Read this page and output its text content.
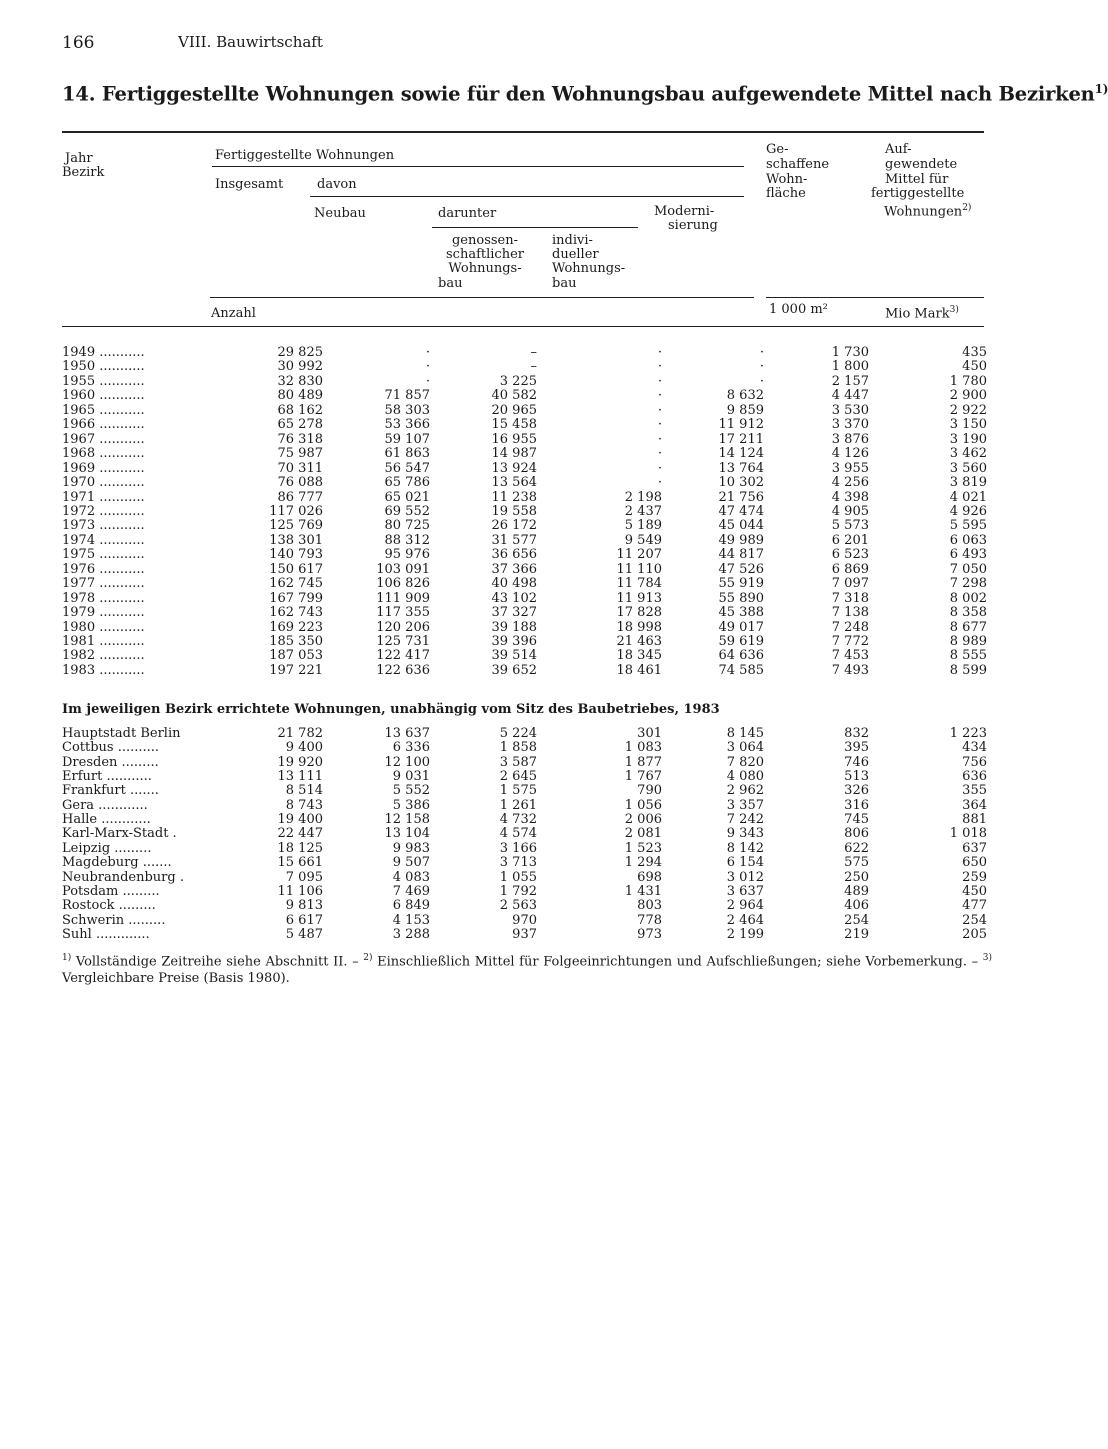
166	VIII. Bauwirtschaft
14. Fertiggestellte Wohnungen sowie für den Wohnungsbau aufgewendete Mittel nach Bezirken$^{1)}$
Jahr
Bezirk
Fertiggestellte Wohnungen
Insgesamt	davon
Neubau	darunter	Moderni-
sierung
genossen-
schaftlicher
Wohnungs-
bau
indivi-
dueller
Wohnungs-
bau
Ge-
schaffene
Wohn-
fläche
Auf-
gewendete
Mittel für
fertiggestellte
Wohnungen$^{2)}$
Anzahl	1 000 m²	Mio Mark$^{3)}$
1949 ...........	29 825	·	–	·	·	1 730	435
1950 ...........	30 992	·	–	·	·	1 800	450
1955 ...........	32 830	·	3 225	·	·	2 157	1 780
1960 ...........	80 489	71 857	40 582	·	8 632	4 447	2 900
1965 ...........	68 162	58 303	20 965	·	9 859	3 530	2 922
1966 ...........	65 278	53 366	15 458	·	11 912	3 370	3 150
1967 ...........	76 318	59 107	16 955	·	17 211	3 876	3 190
1968 ...........	75 987	61 863	14 987	·	14 124	4 126	3 462
1969 ...........	70 311	56 547	13 924	·	13 764	3 955	3 560
1970 ...........	76 088	65 786	13 564	·	10 302	4 256	3 819
1971 ...........	86 777	65 021	11 238	2 198	21 756	4 398	4 021
1972 ...........	117 026	69 552	19 558	2 437	47 474	4 905	4 926
1973 ...........	125 769	80 725	26 172	5 189	45 044	5 573	5 595
1974 ...........	138 301	88 312	31 577	9 549	49 989	6 201	6 063
1975 ...........	140 793	95 976	36 656	11 207	44 817	6 523	6 493
1976 ...........	150 617	103 091	37 366	11 110	47 526	6 869	7 050
1977 ...........	162 745	106 826	40 498	11 784	55 919	7 097	7 298
1978 ...........	167 799	111 909	43 102	11 913	55 890	7 318	8 002
1979 ...........	162 743	117 355	37 327	17 828	45 388	7 138	8 358
1980 ...........	169 223	120 206	39 188	18 998	49 017	7 248	8 677
1981 ...........	185 350	125 731	39 396	21 463	59 619	7 772	8 989
1982 ...........	187 053	122 417	39 514	18 345	64 636	7 453	8 555
1983 ...........	197 221	122 636	39 652	18 461	74 585	7 493	8 599
Im jeweiligen Bezirk errichtete Wohnungen, unabhängig vom Sitz des Baubetriebes, 1983
Hauptstadt Berlin	21 782	13 637	5 224	301	8 145	832	1 223
Cottbus ..........	9 400	6 336	1 858	1 083	3 064	395	434
Dresden .........	19 920	12 100	3 587	1 877	7 820	746	756
Erfurt ...........	13 111	9 031	2 645	1 767	4 080	513	636
Frankfurt .......	8 514	5 552	1 575	790	2 962	326	355
Gera ............	8 743	5 386	1 261	1 056	3 357	316	364
Halle ............	19 400	12 158	4 732	2 006	7 242	745	881
Karl-Marx-Stadt .	22 447	13 104	4 574	2 081	9 343	806	1 018
Leipzig .........	18 125	9 983	3 166	1 523	8 142	622	637
Magdeburg .......	15 661	9 507	3 713	1 294	6 154	575	650
Neubrandenburg .	7 095	4 083	1 055	698	3 012	250	259
Potsdam .........	11 106	7 469	1 792	1 431	3 637	489	450
Rostock .........	9 813	6 849	2 563	803	2 964	406	477
Schwerin .........	6 617	4 153	970	778	2 464	254	254
Suhl .............	5 487	3 288	937	973	2 199	219	205
$^{1)}$ Vollständige Zeitreihe siehe Abschnitt II. – $^{2)}$ Einschließlich Mittel für Folgeeinrichtungen und Aufschließungen; siehe Vorbemerkung. – $^{3)}$ Vergleichbare Preise (Basis 1980).
